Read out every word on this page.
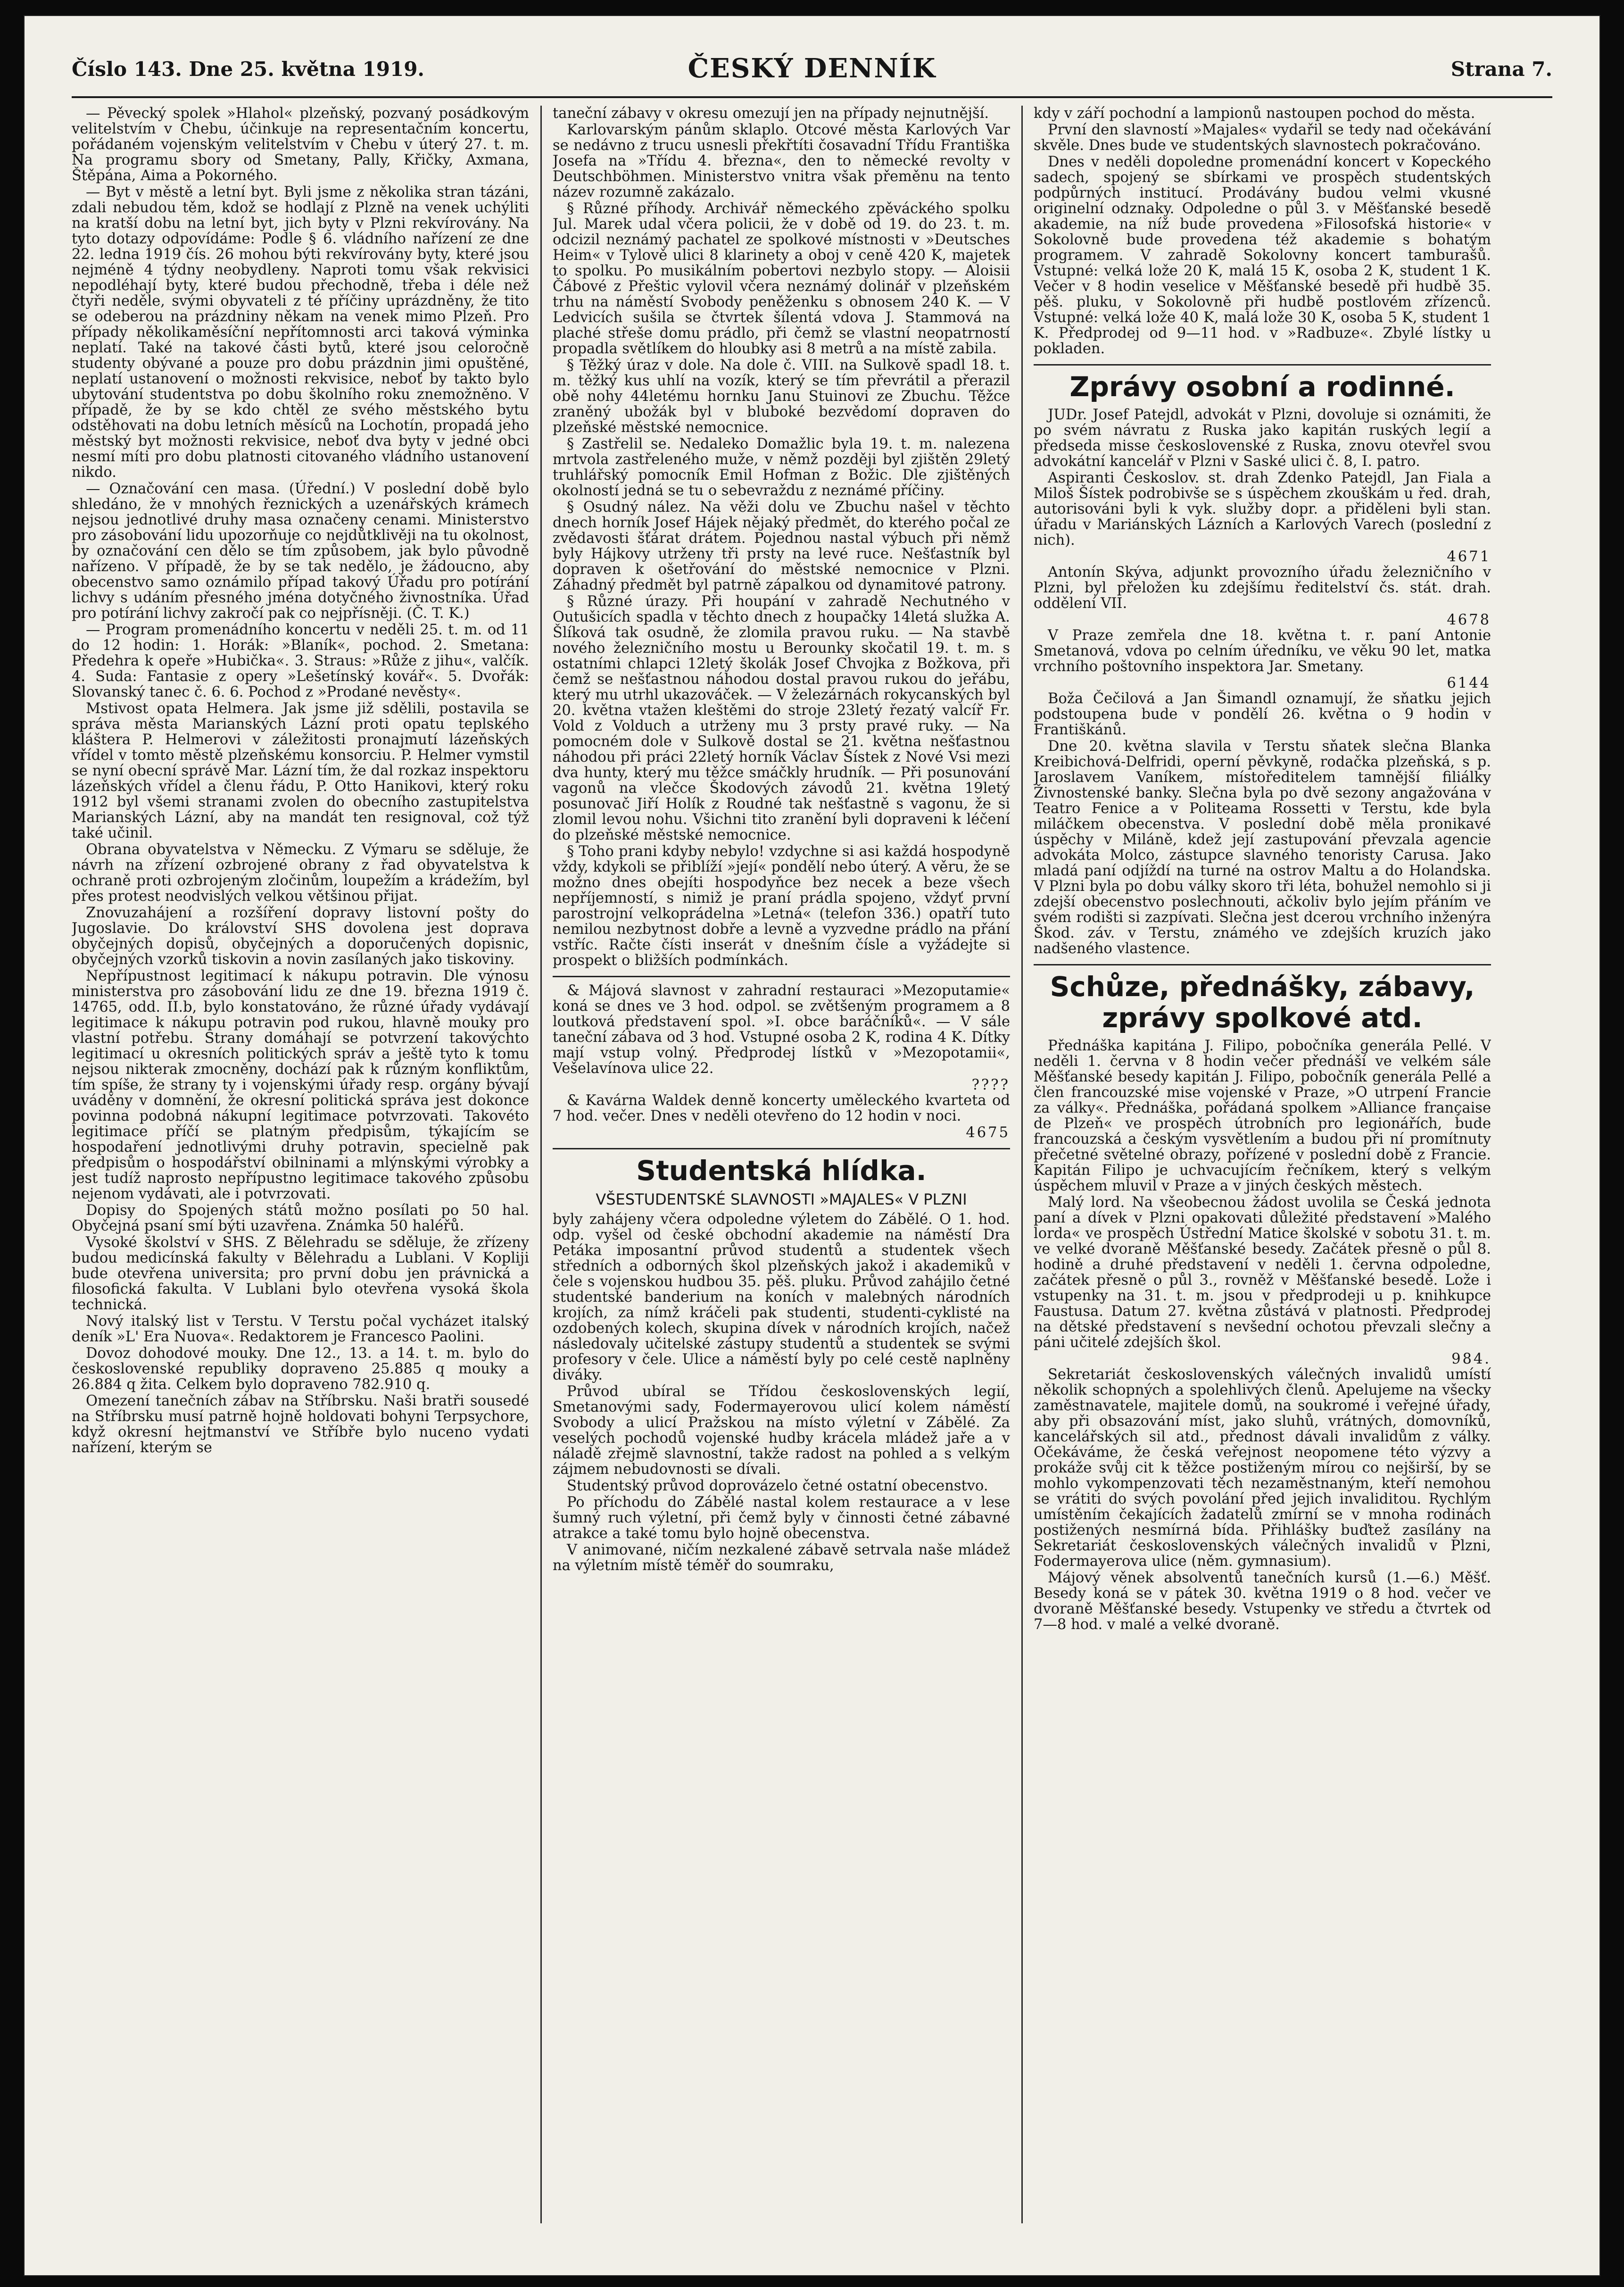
Číslo 143. Dne 25. května 1919.	ČESKÝ DENNÍK	Strana 7.

— Pěvecký spolek »Hlahol« plzeňský, pozvaný posádkovým velitelstvím v Chebu, účinkuje na representačním koncertu, pořádaném vojenským velitelstvím v Chebu v úterý 27. t. m. Na programu sbory od Smetany, Pally, Křičky, Axmana, Štěpána, Aima a Pokorného.

— Byt v městě a letní byt. Byli jsme z několika stran tázáni, zdali nebudou těm, kdož se hodlají z Plzně na venek uchýliti na kratší dobu na letní byt, jich byty v Plzni rekvírovány. Na tyto dotazy odpovídáme: Podle § 6. vládního nařízení ze dne 22. ledna 1919 čís. 26 mohou býti rekvírovány byty, které jsou nejméně 4 týdny neobydleny. Naproti tomu však rekvisici nepodléhají byty, které budou přechodně, třeba i déle než čtyři neděle, svými obyvateli z té příčiny uprázdněny, že tito se odeberou na prázdniny někam na venek mimo Plzeň. Pro případy několikaměsíční nepřítomnosti arci taková výminka neplatí. Také na takové části bytů, které jsou celoročně studenty obývané a pouze pro dobu prázdnin jimi opuštěné, neplatí ustanovení o možnosti rekvisice, neboť by takto bylo ubytování studentstva po dobu školního roku znemožněno. V případě, že by se kdo chtěl ze svého městského bytu odstěhovati na dobu letních měsíců na Lochotín, propadá jeho městský byt možnosti rekvisice, neboť dva byty v jedné obci nesmí míti pro dobu platnosti citovaného vládního ustanovení nikdo.

— Označování cen masa. (Úřední.) V poslední době bylo shledáno, že v mnohých řeznických a uzenářských krámech nejsou jednotlivé druhy masa označeny cenami. Ministerstvo pro zásobování lidu upozorňuje co nejdůtklivěji na tu okolnost, by označování cen dělo se tím způsobem, jak bylo původně nařízeno. V případě, že by se tak nedělo, je žádoucno, aby obecenstvo samo oznámilo případ takový Úřadu pro potírání lichvy s udáním přesného jména dotyčného živnostníka. Úřad pro potírání lichvy zakročí pak co nejpřísněji. (Č. T. K.)

— Program promenádního koncertu v neděli 25. t. m. od 11 do 12 hodin: 1. Horák: »Blaník«, pochod. 2. Smetana: Předehra k opeře »Hubička«. 3. Straus: »Růže z jihu«, valčík. 4. Suda: Fantasie z opery »Lešetínský kovář«. 5. Dvořák: Slovanský tanec č. 6. 6. Pochod z »Prodané nevěsty«.

Mstivost opata Helmera. Jak jsme již sdělili, postavila se správa města Marianských Lázní proti opatu teplského kláštera P. Helmerovi v záležitosti pronajmutí lázeňských vřídel v tomto městě plzeňskému konsorciu. P. Helmer vymstil se nyní obecní správě Mar. Lázní tím, že dal rozkaz inspektoru lázeňských vřídel a členu řádu, P. Otto Hanikovi, který roku 1912 byl všemi stranami zvolen do obecního zastupitelstva Marianských Lázní, aby na mandát ten resignoval, což týž také učinil.

Obrana obyvatelstva v Německu. Z Výmaru se sděluje, že návrh na zřízení ozbrojené obrany z řad obyvatelstva k ochraně proti ozbrojeným zločinům, loupežím a krádežím, byl přes protest neodvislých velkou většinou přijat.

Znovuzahájení a rozšíření dopravy listovní pošty do Jugoslavie. Do království SHS dovolena jest doprava obyčejných dopisů, obyčejných a doporučených dopisnic, obyčejných vzorků tiskovin a novin zasílaných jako tiskoviny.

Nepřípustnost legitimací k nákupu potravin. Dle výnosu ministerstva pro zásobování lidu ze dne 19. března 1919 č. 14765, odd. II.b, bylo konstatováno, že různé úřady vydávají legitimace k nákupu potravin pod rukou, hlavně mouky pro vlastní potřebu. Strany domáhají se potvrzení takovýchto legitimací u okresních politických správ a ještě tyto k tomu nejsou nikterak zmocněny, dochází pak k různým konfliktům, tím spíše, že strany ty i vojenskými úřady resp. orgány bývají uváděny v domnění, že okresní politická správa jest dokonce povinna podobná nákupní legitimace potvrzovati. Takovéto legitimace příčí se platným předpisům, týkajícím se hospodaření jednotlivými druhy potravin, specielně pak předpisům o hospodářství obilninami a mlýnskými výrobky a jest tudíž naprosto nepřípustno legitimace takového způsobu nejenom vydávati, ale i potvrzovati.

Dopisy do Spojených států možno posílati po 50 hal. Obyčejná psaní smí býti uzavřena. Známka 50 haléřů.

Vysoké školství v SHS. Z Bělehradu se sděluje, že zřízeny budou medicínská fakulty v Bělehradu a Lublani. V Kopliji bude otevřena universita; pro první dobu jen právnická a filosofická fakulta. V Lublani bylo otevřena vysoká škola technická.

Nový italský list v Terstu. V Terstu počal vycházet italský deník »L' Era Nuova«. Redaktorem je Francesco Paolini.

Dovoz dohodové mouky. Dne 12., 13. a 14. t. m. bylo do československé republiky dopraveno 25.885 q mouky a 26.884 q žita. Celkem bylo dopraveno 782.910 q.

Omezení tanečních zábav na Stříbrsku. Naši bratři sousedé na Stříbrsku musí patrně hojně holdovati bohyni Terpsychore, když okresní hejtmanství ve Stříbře bylo nuceno vydati nařízení, kterým se

taneční zábavy v okresu omezují jen na případy nejnutnější.

Karlovarským pánům sklaplo. Otcové města Karlových Var se nedávno z trucu usnesli překřtíti čosavadní Třídu Františka Josefa na »Třídu 4. března«, den to německé revolty v Deutschböhmen. Ministerstvo vnitra však přeměnu na tento název rozumně zakázalo.

§ Různé příhody. Archivář německého zpěváckého spolku Jul. Marek udal včera policii, že v době od 19. do 23. t. m. odcizil neznámý pachatel ze spolkové místnosti v »Deutsches Heim« v Tylově ulici 8 klarinety a oboj v ceně 420 K, majetek to spolku. Po musikálním pobertovi nezbylo stopy. — Aloisii Čábové z Přeštic vylovil včera neznámý dolinář v plzeňském trhu na náměstí Svobody peněženku s obnosem 240 K. — V Ledvicích sušila se čtvrtek šílentá vdova J. Stammová na plaché střeše domu prádlo, při čemž se vlastní neopatrností propadla světlíkem do hloubky asi 8 metrů a na místě zabila.

§ Těžký úraz v dole. Na dole č. VIII. na Sulkově spadl 18. t. m. těžký kus uhlí na vozík, který se tím převrátil a přerazil obě nohy 44letému hornku Janu Stuinovi ze Zbuchu. Těžce zraněný ubožák byl v bluboké bezvědomí dopraven do plzeňské městské nemocnice.

§ Zastřelil se. Nedaleko Domažlic byla 19. t. m. nalezena mrtvola zastřeleného muže, v němž později byl zjištěn 29letý truhlářský pomocník Emil Hofman z Božic. Dle zjištěných okolností jedná se tu o sebevraždu z neznámé příčiny.

§ Osudný nález. Na věži dolu ve Zbuchu našel v těchto dnech horník Josef Hájek nějaký předmět, do kterého počal ze zvědavosti šťárat drátem. Pojednou nastal výbuch při němž byly Hájkovy utrženy tři prsty na levé ruce. Nešťastník byl dopraven k ošetřování do městské nemocnice v Plzni. Záhadný předmět byl patrně zápalkou od dynamitové patrony.

§ Různé úrazy. Při houpání v zahradě Nechutného v Outušicích spadla v těchto dnech z houpačky 14letá služka A. Šlíková tak osudně, že zlomila pravou ruku. — Na stavbě nového železničního mostu u Berounky skočatil 19. t. m. s ostatními chlapci 12letý školák Josef Chvojka z Božkova, při čemž se nešťastnou náhodou dostal pravou rukou do jeřábu, který mu utrhl ukazováček. — V železárnách rokycanských byl 20. května vtažen kleštěmi do stroje 23letý řezatý valcíř Fr. Vold z Volduch a utrženy mu 3 prsty pravé ruky. — Na pomocném dole v Sulkově dostal se 21. května nešťastnou náhodou při práci 22letý horník Václav Šístek z Nové Vsi mezi dva hunty, který mu těžce smáčkly hrudník. — Při posunování vagonů na vlečce Škodových závodů 21. května 19letý posunovač Jiří Holík z Roudné tak nešťastně s vagonu, že si zlomil levou nohu. Všichni tito zranění byli dopraveni k léčení do plzeňské městské nemocnice.

§ Toho prani kdyby nebylo! vzdychne si asi každá hospodyně vždy, kdykoli se přiblíží »její« pondělí nebo úterý. A věru, že se možno dnes obejíti hospodyňce bez necek a beze všech nepříjemností, s nimiž je praní prádla spojeno, vždyť první parostrojní velkoprádelna »Letná« (telefon 336.) opatří tuto nemilou nezbytnost dobře a levně a vyzvedne prádlo na přání vstříc. Račte čísti inserát v dnešním čísle a vyžádejte si prospekt o bližších podmínkách.

& Májová slavnost v zahradní restauraci »Mezoputamie« koná se dnes ve 3 hod. odpol. se zvětšeným programem a 8 loutková představení spol. »I. obce baráčníků«. — V sále taneční zábava od 3 hod. Vstupné osoba 2 K, rodina 4 K. Dítky mají vstup volný. Předprodej lístků v »Mezopotamii«, Vešelavínova ulice 22.

????

& Kavárna Waldek denně koncerty uměleckého kvarteta od 7 hod. večer. Dnes v neděli otevřeno do 12 hodin v noci.

4675
Studentská hlídka.
VŠESTUDENTSKÉ SLAVNOSTI »MAJALES« V PLZNI

byly zahájeny včera odpoledne výletem do Zábělé. O 1. hod. odp. vyšel od české obchodní akademie na náměstí Dra Petáka imposantní průvod studentů a studentek všech středních a odborných škol plzeňských jakož i akademiků v čele s vojenskou hudbou 35. pěš. pluku. Průvod zahájilo četné studentské banderium na koních v malebných národních krojích, za nímž kráčeli pak studenti, studenti-cyklisté na ozdobených kolech, skupina dívek v národních krojích, načež následovaly učitelské zástupy studentů a studentek se svými profesory v čele. Ulice a náměstí byly po celé cestě naplněny diváky.

Průvod ubíral se Třídou československých legií, Smetanovými sady, Fodermayerovou ulicí kolem náměstí Svobody a ulicí Pražskou na místo výletní v Zábělé. Za veselých pochodů vojenské hudby krácela mládež jaře a v náladě zřejmě slavnostní, takže radost na pohled a s velkým zájmem nebudovnosti se dívali.

Studentský průvod doprovázelo četné ostatní obecenstvo.

Po příchodu do Zábělé nastal kolem restaurace a v lese šumný ruch výletní, při čemž byly v činnosti četné zábavné atrakce a také tomu bylo hojně obecenstva.

V animované, ničím nezkalené zábavě setrvala naše mládež na výletním místě téměř do soumraku,

kdy v září pochodní a lampionů nastoupen pochod do města.

První den slavností »Majales« vydařil se tedy nad očekávání skvěle. Dnes bude ve studentských slavnostech pokračováno.

Dnes v neděli dopoledne promenádní koncert v Kopeckého sadech, spojený se sbírkami ve prospěch studentských podpůrných institucí. Prodávány budou velmi vkusné originelní odznaky. Odpoledne o půl 3. v Měšťanské besedě akademie, na níž bude provedena »Filosofská historie« v Sokolovně bude provedena též akademie s bohatým programem. V zahradě Sokolovny koncert tamburašů. Vstupné: velká lože 20 K, malá 15 K, osoba 2 K, student 1 K. Večer v 8 hodin veselice v Měšťanské besedě při hudbě 35. pěš. pluku, v Sokolovně při hudbě postlovém zřízenců. Vstupné: velká lože 40 K, malá lože 30 K, osoba 5 K, student 1 K. Předprodej od 9—11 hod. v »Radbuze«. Zbylé lístky u pokladen.

Zprávy osobní a rodinné.

JUDr. Josef Patejdl, advokát v Plzni, dovoluje si oznámiti, že po svém návratu z Ruska jako kapitán ruských legií a předseda misse československé z Ruska, znovu otevřel svou advokátní kancelář v Plzni v Saské ulici č. 8, I. patro.

Aspiranti Českoslov. st. drah Zdenko Patejdl, Jan Fiala a Miloš Šístek podrobivše se s úspěchem zkouškám u řed. drah, autorisováni byli k vyk. služby dopr. a přiděleni byli stan. úřadu v Mariánských Lázních a Karlových Varech (poslední z nich).

4671

Antonín Skýva, adjunkt provozního úřadu železničního v Plzni, byl přeložen ku zdejšímu ředitelství čs. stát. drah. oddělení VII.

4678

V Praze zemřela dne 18. května t. r. paní Antonie Smetanová, vdova po celním úředníku, ve věku 90 let, matka vrchního poštovního inspektora Jar. Smetany.

6144

Boža Čečilová a Jan Šimandl oznamují, že sňatku jejich podstoupena bude v pondělí 26. května o 9 hodin v Františkánů.

Dne 20. května slavila v Terstu sňatek slečna Blanka Kreibichová-Delfridi, operní pěvkyně, rodačka plzeňská, s p. Jaroslavem Vaníkem, místoředitelem tamnější filiálky Živnostenské banky. Slečna byla po dvě sezony angažována v Teatro Fenice a v Politeama Rossetti v Terstu, kde byla miláčkem obecenstva. V poslední době měla pronikavé úspěchy v Miláně, kdež její zastupování převzala agencie advokáta Molco, zástupce slavného tenoristy Carusa. Jako mladá paní odjíždí na turné na ostrov Maltu a do Holandska. V Plzni byla po dobu války skoro tři léta, bohužel nemohlo si ji zdejší obecenstvo poslechnouti, ačkoliv bylo jejím přáním ve svém rodišti si zazpívati. Slečna jest dcerou vrchního inženýra Škod. záv. v Terstu, známého ve zdejších kruzích jako nadšeného vlastence.

Schůze, přednášky, zábavy, zprávy spolkové atd.

Přednáška kapitána J. Filipo, pobočníka generála Pellé. V neděli 1. června v 8 hodin večer přednáší ve velkém sále Měšťanské besedy kapitán J. Filipo, pobočník generála Pellé a člen francouzské mise vojenské v Praze, »O utrpení Francie za války«. Přednáška, pořádaná spolkem »Alliance française de Plzeň« ve prospěch útrobních pro legionářích, bude francouzská a českým vysvětlením a budou při ní promítnuty přečetné světelné obrazy, pořízené v poslední době z Francie. Kapitán Filipo je uchvacujícím řečníkem, který s velkým úspěchem mluvil v Praze a v jiných českých městech.

Malý lord. Na všeobecnou žádost uvolila se Česká jednota paní a dívek v Plzni opakovati důležité představení »Malého lorda« ve prospěch Ústřední Matice školské v sobotu 31. t. m. ve velké dvoraně Měšťanské besedy. Začátek přesně o půl 8. hodině a druhé představení v neděli 1. června odpoledne, začátek přesně o půl 3., rovněž v Měšťanské besedě. Lože i vstupenky na 31. t. m. jsou v předprodeji u p. knihkupce Faustusa. Datum 27. května zůstává v platnosti. Předprodej na dětské představení s nevšední ochotou převzali slečny a páni učitelé zdejších škol.

984.

Sekretariát československých válečných invalidů umístí několik schopných a spolehlivých členů. Apelujeme na všecky zaměstnavatele, majitele domů, na soukromé i veřejné úřady, aby při obsazování míst, jako sluhů, vrátných, domovníků, kancelářských sil atd., přednost dávali invalidům z války. Očekáváme, že česká veřejnost neopomene této výzvy a prokáže svůj cit k těžce postiženým mírou co nejširší, by se mohlo vykompenzovati těch nezaměstnaným, kteří nemohou se vrátiti do svých povolání před jejich invaliditou. Rychlým umístěním čekajících žadatelů zmírní se v mnoha rodinách postižených nesmírná bída. Přihlášky buďtež zasílány na Sekretariát československých válečných invalidů v Plzni, Fodermayerova ulice (něm. gymnasium).

Májový věnek absolventů tanečních kursů (1.—6.) Měšť. Besedy koná se v pátek 30. května 1919 o 8 hod. večer ve dvoraně Měšťanské besedy. Vstupenky ve středu a čtvrtek od 7—8 hod. v malé a velké dvoraně.
